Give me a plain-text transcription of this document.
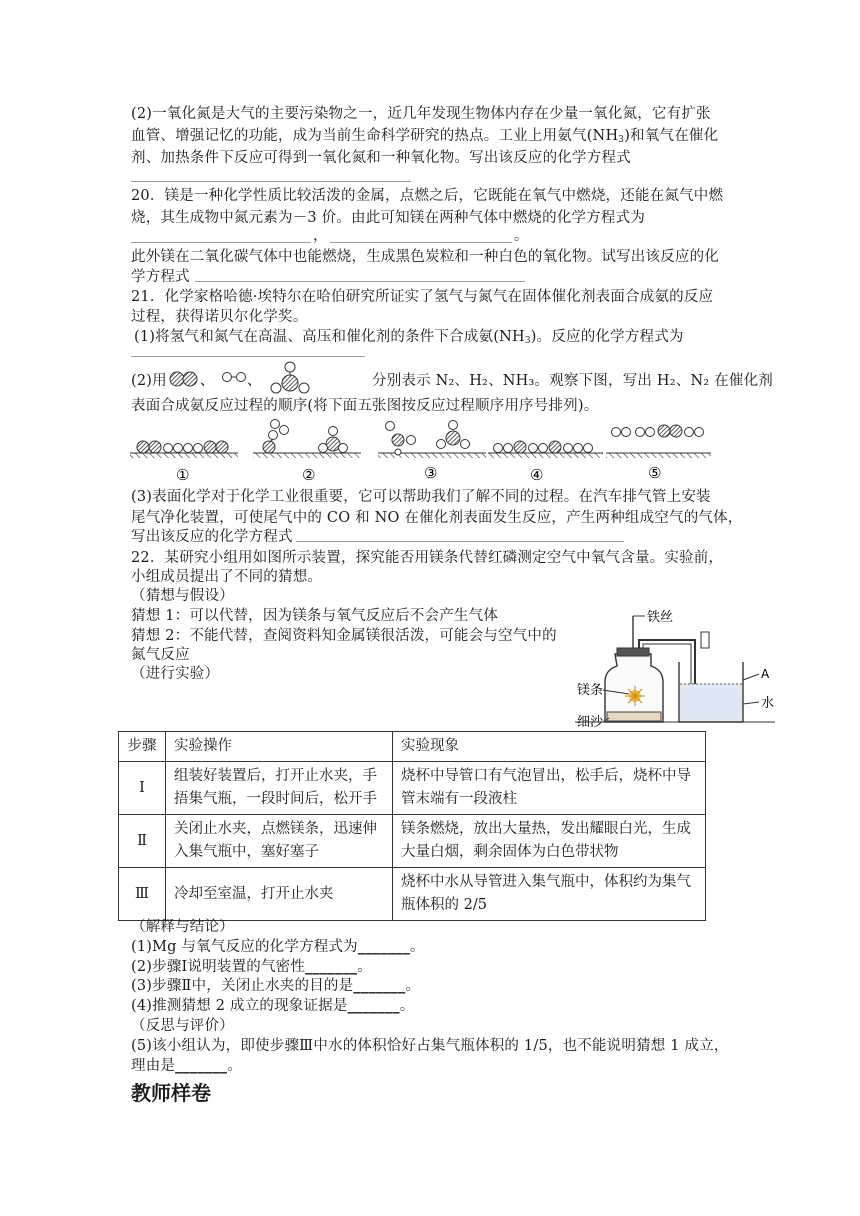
(2)一氧化氮是大气的主要污染物之一，近几年发现生物体内存在少量一氧化氮，它有扩张
血管、增强记忆的功能，成为当前生命科学研究的热点。工业上用氨气$(NH_3)$和氧气在催化
剂、加热条件下反应可得到一氧化氮和一种氧化物。写出该反应的化学方程式
20．镁是一种化学性质比较活泼的金属，点燃之后，它既能在氧气中燃烧，还能在氮气中燃
烧，其生成物中氮元素为－3 价。由此可知镁在两种气体中燃烧的化学方程式为
，	。
此外镁在二氧化碳气体中也能燃烧，生成黑色炭粒和一种白色的氧化物。试写出该反应的化
学方程式
21．化学家格哈德·埃特尔在哈伯研究所证实了氢气与氮气在固体催化剂表面合成氨的反应
过程，获得诺贝尔化学奖。
(1)将氢气和氮气在高温、高压和催化剂的条件下合成氨$(NH_3)$。反应的化学方程式为
(2)用 、 、	分别表示 N₂、H₂、NH₃。观察下图，写出 H₂、N₂ 在催化剂
表面合成氨反应过程的顺序(将下面五张图按反应过程顺序用序号排列)。
①	②	③	④	⑤
(3)表面化学对于化学工业很重要，它可以帮助我们了解不同的过程。在汽车排气管上安装
尾气净化装置，可使尾气中的 CO 和 NO 在催化剂表面发生反应，产生两种组成空气的气体，
写出该反应的化学方程式
22．某研究小组用如图所示装置，探究能否用镁条代替红磷测定空气中氧气含量。实验前，
小组成员提出了不同的猜想。
（猜想与假设）
猜想 1：可以代替，因为镁条与氧气反应后不会产生气体
猜想 2：不能代替，查阅资料知金属镁很活泼，可能会与空气中的
氮气反应
（进行实验）
铁丝
镁条
细沙
A
水
步骤	实验操作	实验现象
Ⅰ	组装好装置后，打开止水夹，手捂集气瓶，一段时间后，松开手	烧杯中导管口有气泡冒出，松手后，烧杯中导管末端有一段液柱
Ⅱ	关闭止水夹，点燃镁条，迅速伸入集气瓶中，塞好塞子	镁条燃烧，放出大量热，发出耀眼白光，生成大量白烟，剩余固体为白色带状物
Ⅲ	冷却至室温，打开止水夹	烧杯中水从导管进入集气瓶中，体积约为集气瓶体积的 2/5
（解释与结论）
(1)Mg 与氧气反应的化学方程式为_______。
(2)步骤Ⅰ说明装置的气密性_______。
(3)步骤Ⅱ中，关闭止水夹的目的是_______。
(4)推测猜想 2 成立的现象证据是_______。
（反思与评价）
(5)该小组认为，即使步骤Ⅲ中水的体积恰好占集气瓶体积的 1/5，也不能说明猜想 1 成立，
理由是_______。
教师样卷
